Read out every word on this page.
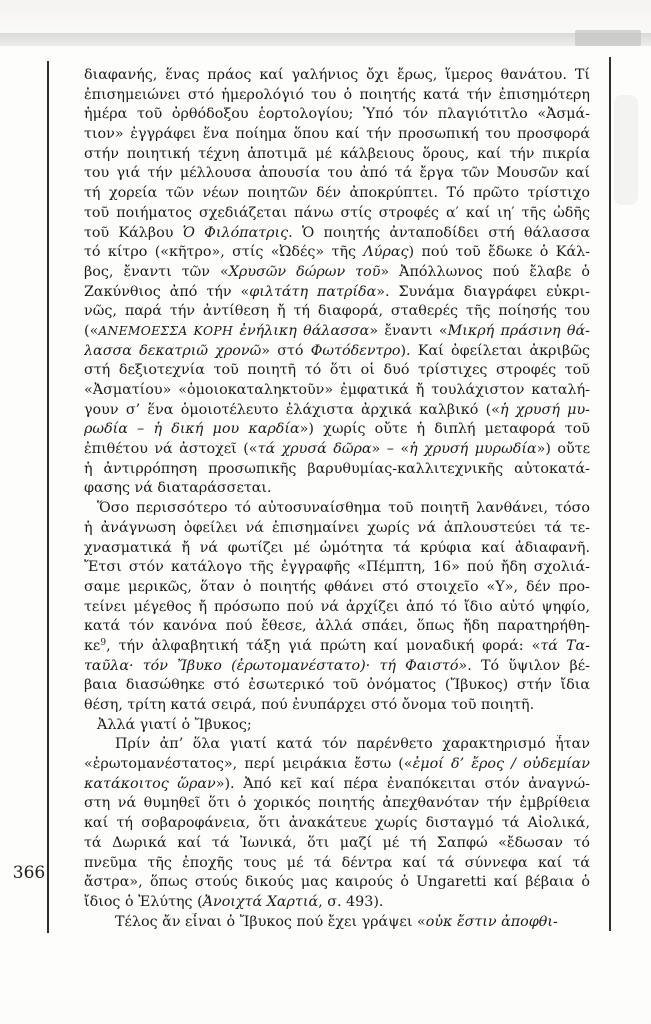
366
διαφανής, ἕνας πράος καί γαλήνιος ὄχι ἔρως, ἵμερος θανάτου. Τί
ἐπισημειώνει στό ἡμερολόγιό του ὁ ποιητής κατά τήν ἐπισημότερη
ἡμέρα τοῦ ὀρθόδοξου ἑορτολογίου; Ὑπό τόν πλαγιότιτλο «Ἀσμά-
τιον» ἐγγράφει ἕνα ποίημα ὅπου καί τήν προσωπική του προσφορά
στήν ποιητική τέχνη ἀποτιμᾶ μέ κάλβειους ὅρους, καί τήν πικρία
του γιά τήν μέλλουσα ἀπουσία του ἀπό τά ἔργα τῶν Μουσῶν καί
τή χορεία τῶν νέων ποιητῶν δέν ἀποκρύπτει. Τό πρῶτο τρίστιχο
τοῦ ποιήματος σχεδιάζεται πάνω στίς στροφές α′ καί ιη′ τῆς ὠδῆς
τοῦ Κάλβου Ὁ Φιλόπατρις. Ὁ ποιητής ἀνταποδίδει στή θάλασσα
τό κίτρο («κῆτρο», στίς «Ὠδές» τῆς Λύρας) πού τοῦ ἔδωκε ὁ Κάλ-
βος, ἔναντι τῶν «Χρυσῶν δώρων τοῦ» Ἀπόλλωνος πού ἔλαβε ὁ
Ζακύνθιος ἀπό τήν «φιλτάτη πατρίδα». Συνάμα διαγράφει εὐκρι-
νῶς, παρά τήν ἀντίθεση ἤ τή διαφορά, σταθερές τῆς ποίησής του
(«ΑΝΕΜΟΕΣΣΑ ΚΟΡΗ ἐνήλικη θάλασσα» ἔναντι «Μικρή πράσινη θά-
λασσα δεκατριῶ χρονῶ» στό Φωτόδεντρο). Καί ὀφείλεται ἀκριβῶς
στή δεξιοτεχνία τοῦ ποιητῆ τό ὅτι οἱ δυό τρίστιχες στροφές τοῦ
«Ἀσματίου» «ὁμοιοκαταληκτοῦν» ἐμφατικά ἤ τουλάχιστον καταλή-
γουν σ’ ἕνα ὁμοιοτέλευτο ἐλάχιστα ἀρχικά καλβικό («ἡ χρυσή μυ-
ρωδία – ἡ δική μου καρδία») χωρίς οὔτε ἡ διπλή μεταφορά τοῦ
ἐπιθέτου νά ἀστοχεῖ («τά χρυσά δῶρα» – «ἡ χρυσή μυρωδία») οὔτε
ἡ ἀντιρρόπηση προσωπικῆς βαρυθυμίας-καλλιτεχνικῆς αὐτοκατά-
φασης νά διαταράσσεται.
Ὅσο περισσότερο τό αὐτοσυναίσθημα τοῦ ποιητῆ λανθάνει, τόσο
ἡ ἀνάγνωση ὀφείλει νά ἐπισημαίνει χωρίς νά ἁπλουστεύει τά τε-
χνασματικά ἤ νά φωτίζει μέ ὠμότητα τά κρύφια καί ἀδιαφανῆ.
Ἔτσι στόν κατάλογο τῆς ἐγγραφῆς «Πέμπτη, 16» πού ἤδη σχολιά-
σαμε μερικῶς, ὅταν ὁ ποιητής φθάνει στό στοιχεῖο «Υ», δέν προ-
τείνει μέγεθος ἤ πρόσωπο πού νά ἀρχίζει ἀπό τό ἴδιο αὐτό ψηφίο,
κατά τόν κανόνα πού ἔθεσε, ἀλλά σπάει, ὅπως ἤδη παρατηρήθη-
$\kappa\varepsilon^9$, τήν ἀλφαβητική τάξη γιά πρώτη καί μοναδική φορά: «τά Τα-
ταῦλα· τόν Ἴβυκο (ἐρωτομανέστατο)· τή Φαιστό». Τό ὕψιλον βέ-
βαια διασώθηκε στό ἐσωτερικό τοῦ ὀνόματος (Ἴβυκος) στήν ἴδια
θέση, τρίτη κατά σειρά, πού ἐνυπάρχει στό ὄνομα τοῦ ποιητῆ.
Ἀλλά γιατί ὁ Ἴβυκος;
Πρίν ἀπ’ ὅλα γιατί κατά τόν παρένθετο χαρακτηρισμό ἦταν
«ἐρωτομανέστατος», περί μειράκια ἔστω («ἐμοί δ’ ἔρος / οὐδεμίαν
κατάκοιτος ὥραν»). Ἀπό κεῖ καί πέρα ἐναπόκειται στόν ἀναγνώ-
στη νά θυμηθεῖ ὅτι ὁ χορικός ποιητής ἀπεχθανόταν τήν ἐμβρίθεια
καί τή σοβαροφάνεια, ὅτι ἀνακάτευε χωρίς δισταγμό τά Αἰολικά,
τά Δωρικά καί τά Ἰωνικά, ὅτι μαζί μέ τή Σαπφώ «ἔδωσαν τό
πνεῦμα τῆς ἐποχῆς τους μέ τά δέντρα καί τά σύννεφα καί τά
ἄστρα», ὅπως στούς δικούς μας καιρούς ὁ Ungaretti καί βέβαια ὁ
ἴδιος ὁ Ἐλύτης (Ἀνοιχτά Χαρτιά, σ. 493).
Τέλος ἄν εἶναι ὁ Ἴβυκος πού ἔχει γράψει «οὐκ ἔστιν ἀποφθι-
